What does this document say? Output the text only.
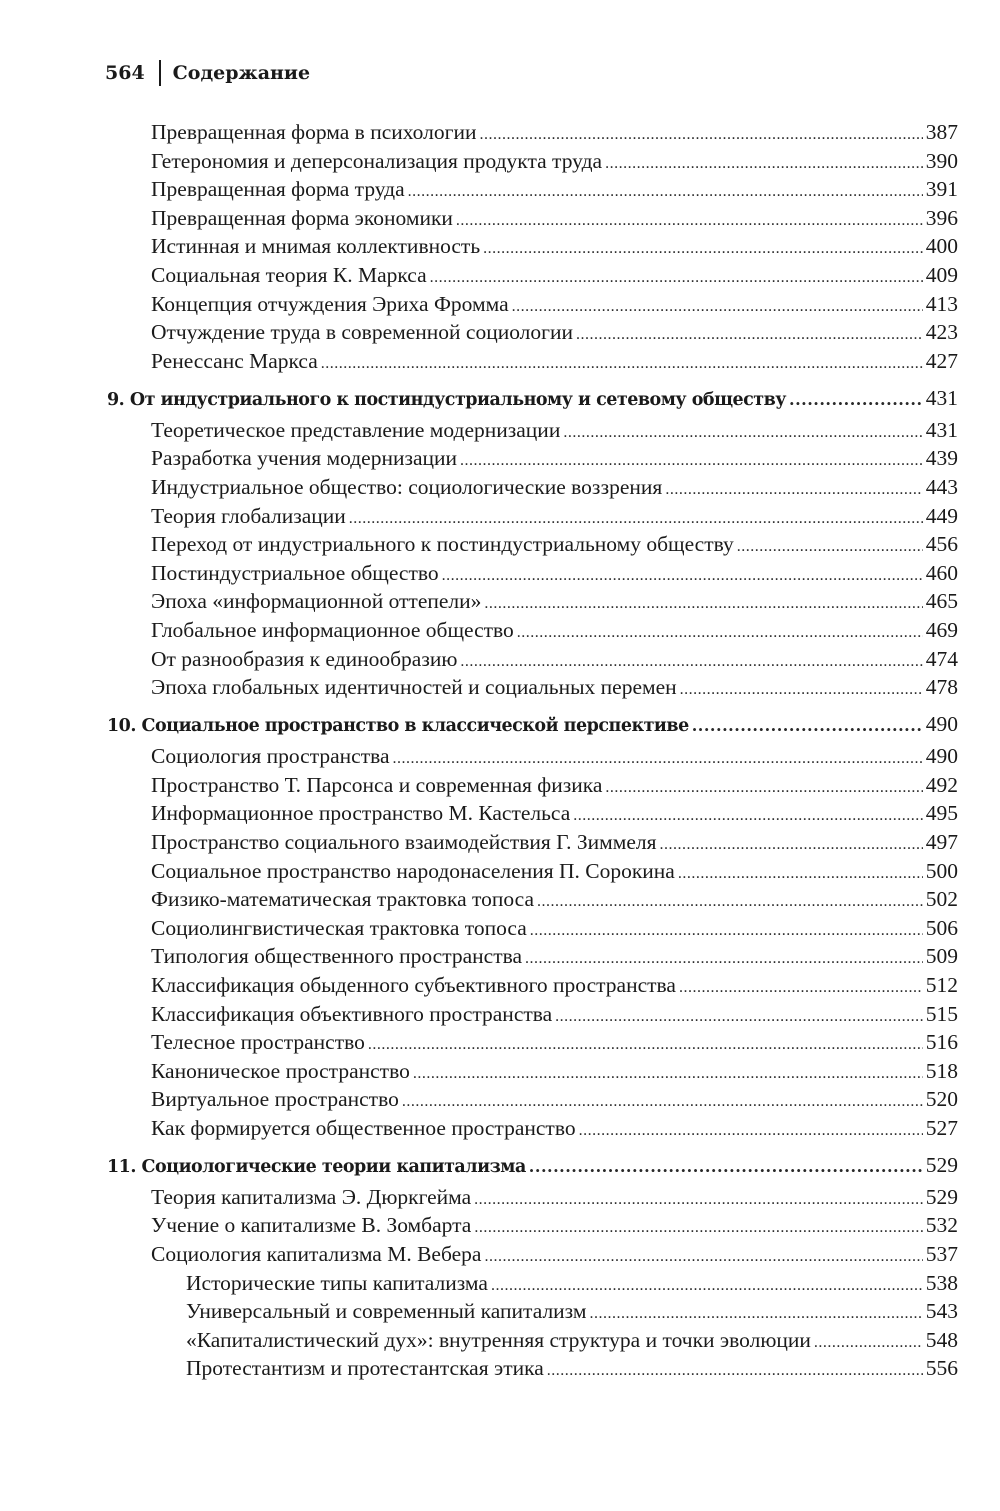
564 Содержание
Превращенная форма в психологии .....	387
Гетерономия и деперсонализация продукта труда .....	390
Превращенная форма труда .....	391
Превращенная форма экономики .....	396
Истинная и мнимая коллективность .....	400
Социальная теория К. Маркса .....	409
Концепция отчуждения Эриха Фромма .....	413
Отчуждение труда в современной социологии .....	423
Ренессанс Маркса .....	427
9. От индустриального к постиндустриальному и сетевому обществу .....	431
Теоретическое представление модернизации .....	431
Разработка учения модернизации .....	439
Индустриальное общество: социологические воззрения .....	443
Теория глобализации .....	449
Переход от индустриального к постиндустриальному обществу .....	456
Постиндустриальное общество .....	460
Эпоха «информационной оттепели» .....	465
Глобальное информационное общество .....	469
От разнообразия к единообразию .....	474
Эпоха глобальных идентичностей и социальных перемен .....	478
10. Социальное пространство в классической перспективе .....	490
Социология пространства .....	490
Пространство Т. Парсонса и современная физика .....	492
Информационное пространство М. Кастельса .....	495
Пространство социального взаимодействия Г. Зиммеля .....	497
Социальное пространство народонаселения П. Сорокина .....	500
Физико-математическая трактовка топоса .....	502
Социолингвистическая трактовка топоса .....	506
Типология общественного пространства .....	509
Классификация обыденного субъективного пространства .....	512
Классификация объективного пространства .....	515
Телесное пространство .....	516
Каноническое пространство .....	518
Виртуальное пространство .....	520
Как формируется общественное пространство .....	527
11. Социологические теории капитализма .....	529
Теория капитализма Э. Дюркгейма .....	529
Учение о капитализме В. Зомбарта .....	532
Социология капитализма М. Вебера .....	537
Исторические типы капитализма .....	538
Универсальный и современный капитализм .....	543
«Капиталистический дух»: внутренняя структура и точки эволюции .....	548
Протестантизм и протестантская этика .....	556
